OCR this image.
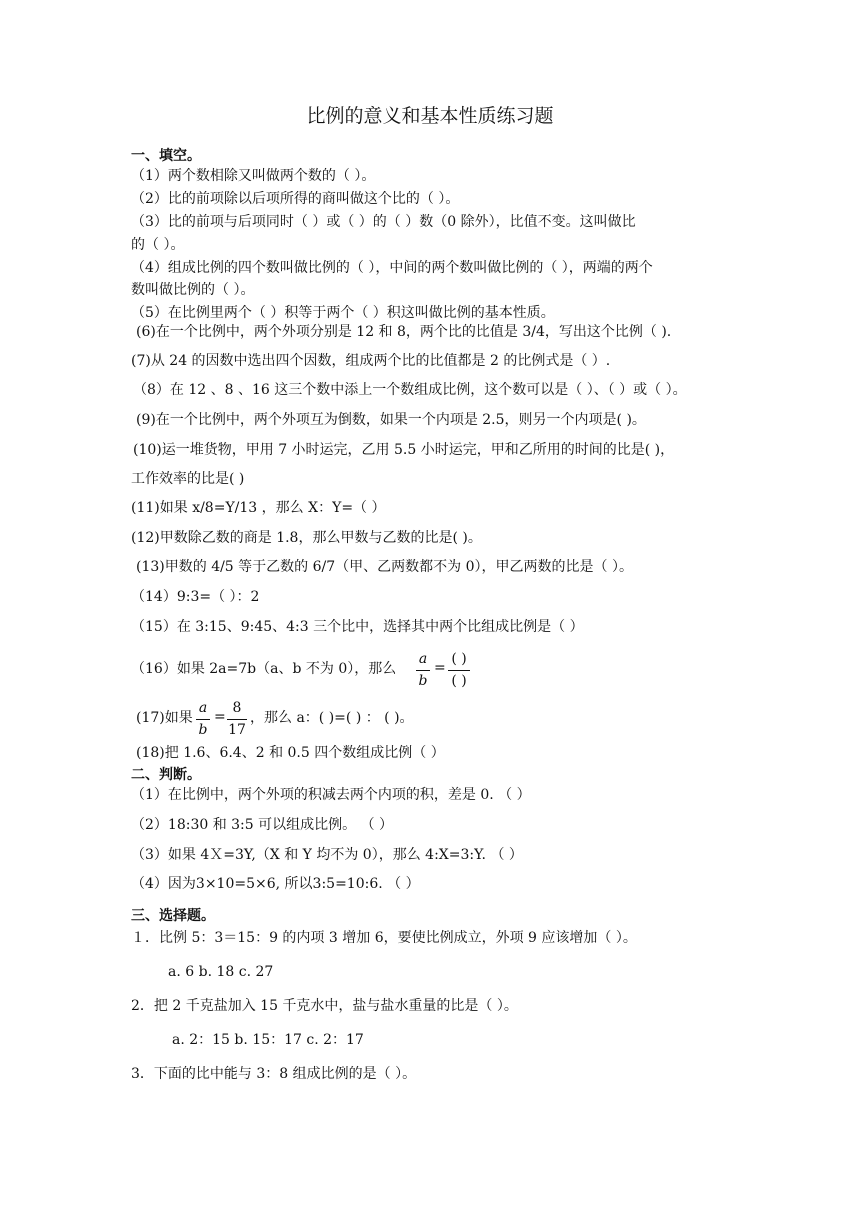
比例的意义和基本性质练习题
一、填空。
（1）两个数相除又叫做两个数的（ ）。
（2）比的前项除以后项所得的商叫做这个比的（ ）。
（3）比的前项与后项同时（ ）或（ ）的（ ）数（0 除外），比值不变。这叫做比
的（ ）。
（4）组成比例的四个数叫做比例的（ ），中间的两个数叫做比例的（ ），两端的两个
数叫做比例的（ ）。
（5）在比例里两个（ ）积等于两个（ ）积这叫做比例的基本性质。
(6)在一个比例中，两个外项分别是 12 和 8，两个比的比值是 3/4，写出这个比例（ ).
(7)从 24 的因数中选出四个因数，组成两个比的比值都是 2 的比例式是（ ）.
（8）在 12 、8 、16 这三个数中添上一个数组成比例，这个数可以是（ ）、（ ）或（ ）。
(9)在一个比例中，两个外项互为倒数，如果一个内项是 2.5，则另一个内项是( )。
(10)运一堆货物，甲用 7 小时运完，乙用 5.5 小时运完，甲和乙所用的时间的比是( )，
工作效率的比是( )
(11)如果 x/8=Y/13 ，那么 X：Y=（ ）
(12)甲数除乙数的商是 1.8，那么甲数与乙数的比是( )。
(13)甲数的 4/5 等于乙数的 6/7（甲、乙两数都不为 0），甲乙两数的比是（ ）。
（14）9:3=（ ）：2
（15）在 3:15、9:45、4:3 三个比中，选择其中两个比组成比例是（ ）
（16）如果 2a=7b（a、b 不为 0），那么
a
b
=
( )
( )
(17)如果
a
b
=
8
17
，那么 a：( )=( ) ： ( )。
(18)把 1.6、6.4、2 和 0.5 四个数组成比例（ ）
二、判断。
（1）在比例中，两个外项的积减去两个内项的积，差是 0. （ ）
（2）18:30 和 3:5 可以组成比例。 （ ）
（3）如果 4Ｘ=3Y,（X 和 Y 均不为 0），那么 4:X=3:Y. （ ）
（4）因为3×10=5×6, 所以3:5=10:6. （ ）
三、选择题。
１．比例 5：3＝15：9 的内项 3 增加 6，要使比例成立，外项 9 应该增加（ ）。
a. 6 b. 18 c. 27
2．把 2 千克盐加入 15 千克水中，盐与盐水重量的比是（ ）。
a. 2：15 b. 15：17 c. 2：17
3．下面的比中能与 3：8 组成比例的是（ ）。
